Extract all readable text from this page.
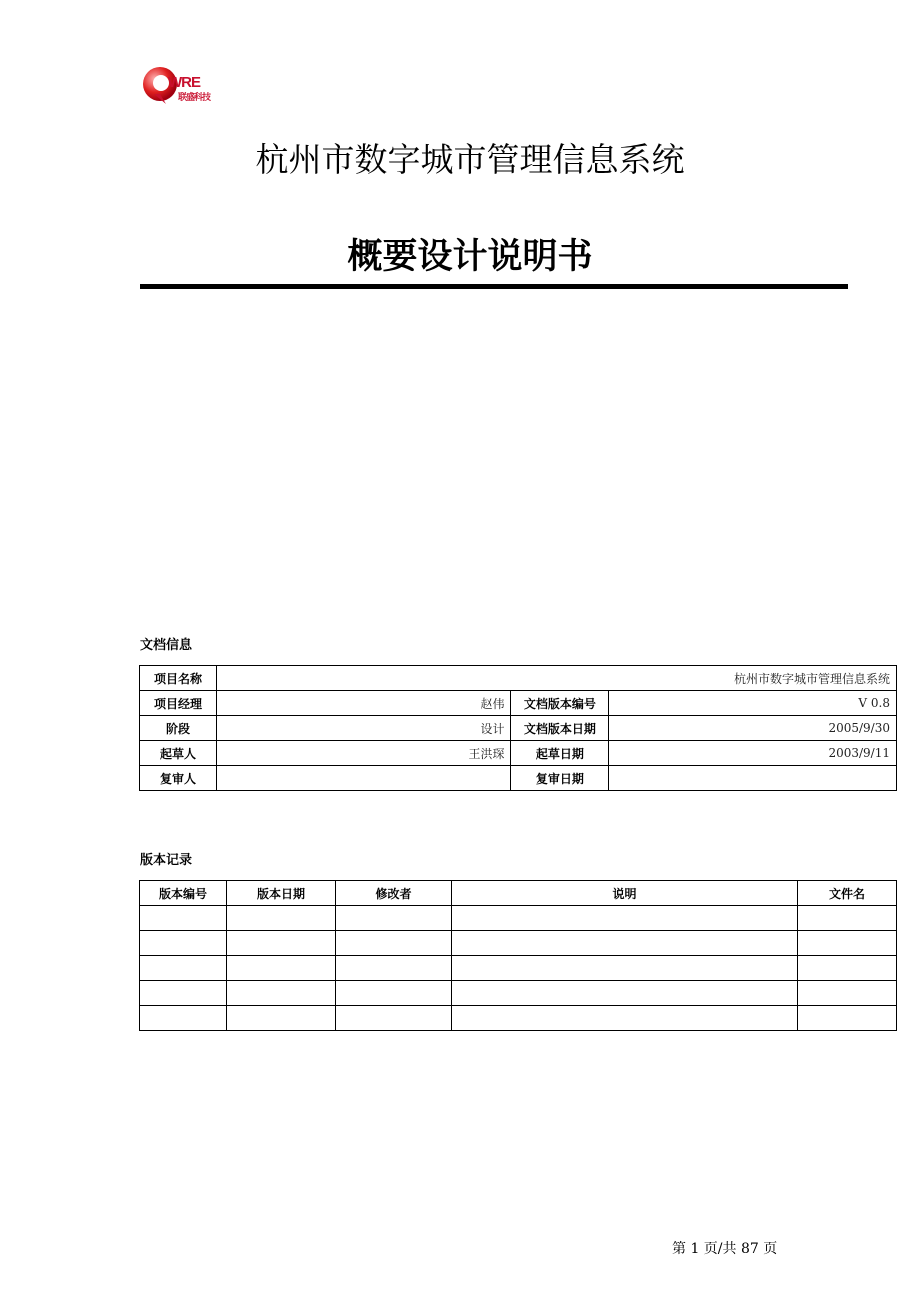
WRE
联盛科技
杭州市数字城市管理信息系统
概要设计说明书
文档信息
项目名称	杭州市数字城市管理信息系统		
项目经理	赵伟	文档版本编号	V 0.8
阶段	设计	文档版本日期	2005/9/30
起草人	王洪琛	起草日期	2003/9/11
复审人		复审日期	
版本记录
版本编号	版本日期	修改者	说明	文件名

第 1 页/共 87 页
